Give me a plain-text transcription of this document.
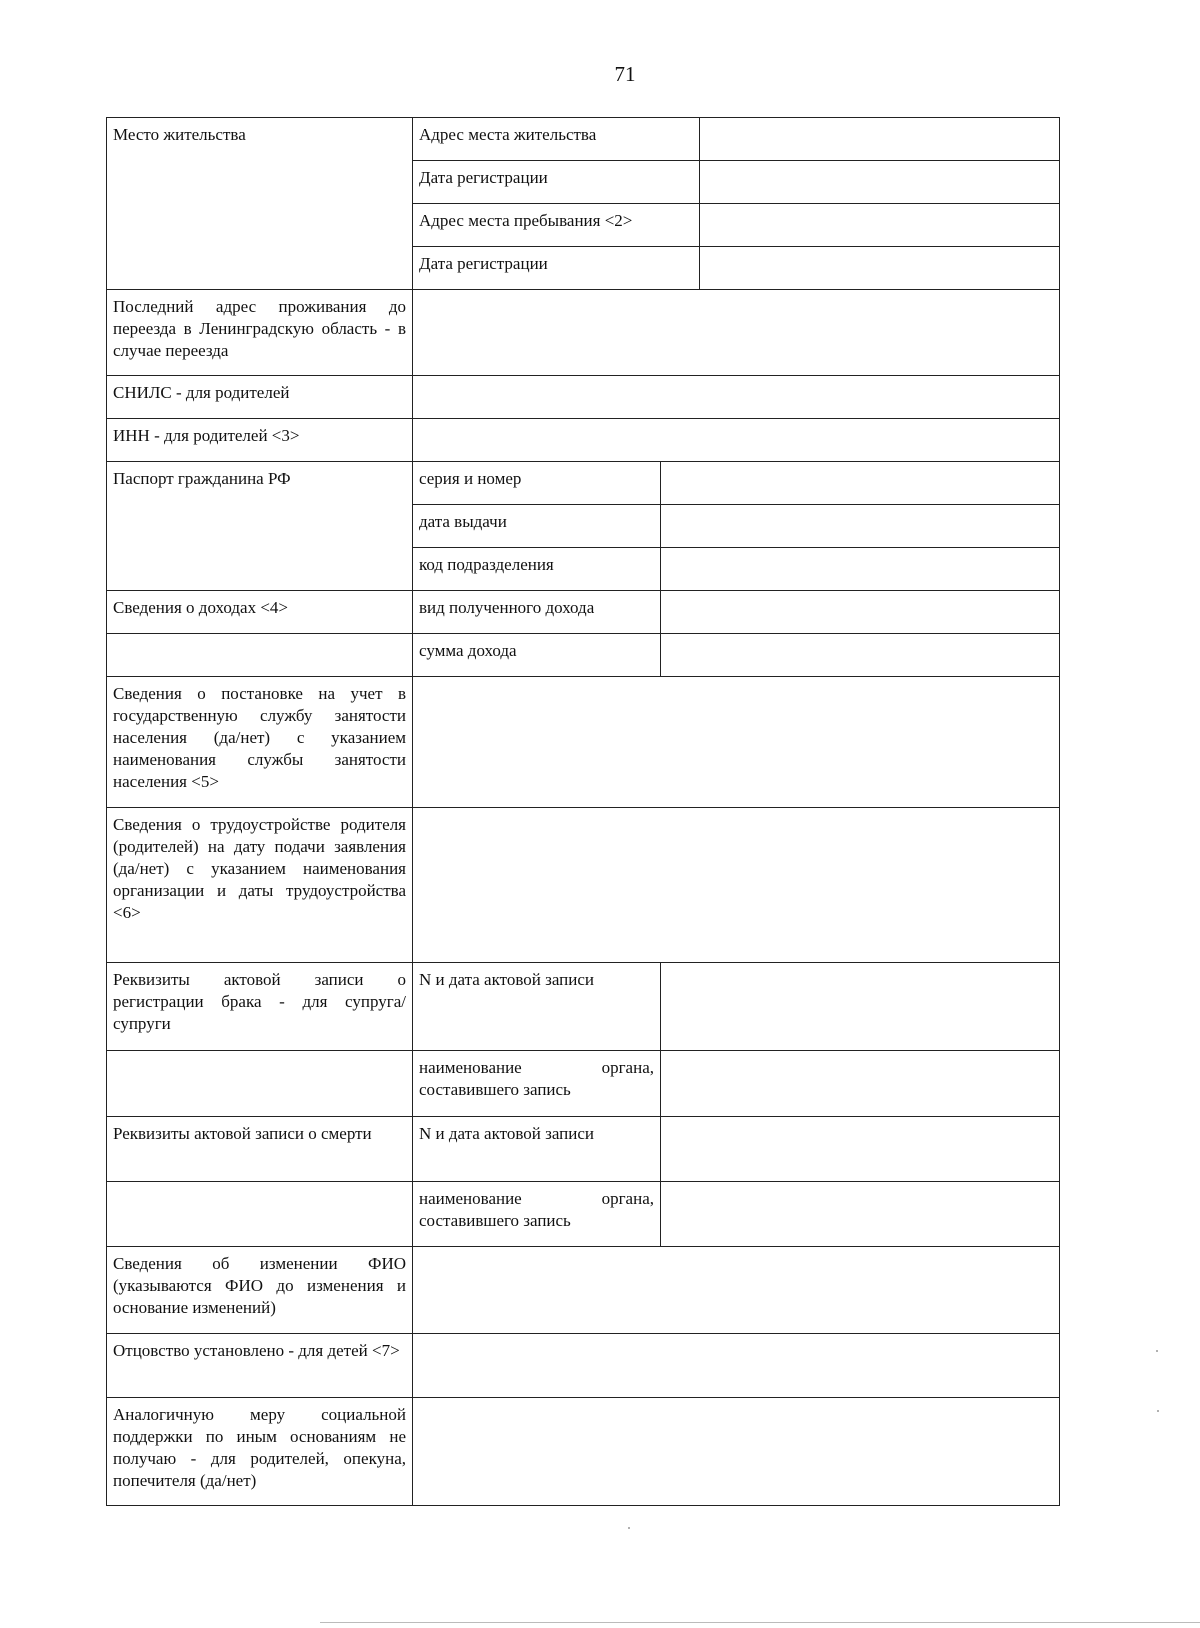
71
Место жительства	Адрес места жительства		
	Дата регистрации		
	Адрес места пребывания <2>		
	Дата регистрации		
Последний адрес проживания до переезда в Ленинградскую область - в случае переезда			
СНИЛС - для родителей			
ИНН - для родителей <3>			
Паспорт гражданина РФ	серия и номер		
	дата выдачи		
	код подразделения		
Сведения о доходах <4>	вид полученного дохода		
	сумма дохода		
Сведения о постановке на учет в государственную службу занятости населения (да/нет) с указанием наименования службы занятости населения <5>			
Сведения о трудоустройстве родителя (родителей) на дату подачи заявления (да/нет) с указанием наименования организации и даты трудоустройства <6>			
Реквизиты актовой записи о регистрации брака - для супруга/супруги	N и дата актовой записи		
	наименование органа, составившего запись		
Реквизиты актовой записи о смерти	N и дата актовой записи		
	наименование органа, составившего запись		
Сведения об изменении ФИО (указываются ФИО до изменения и основание изменений)			
Отцовство установлено - для детей <7>			
Аналогичную меру социальной поддержки по иным основаниям не получаю - для родителей, опекуна, попечителя (да/нет)			
